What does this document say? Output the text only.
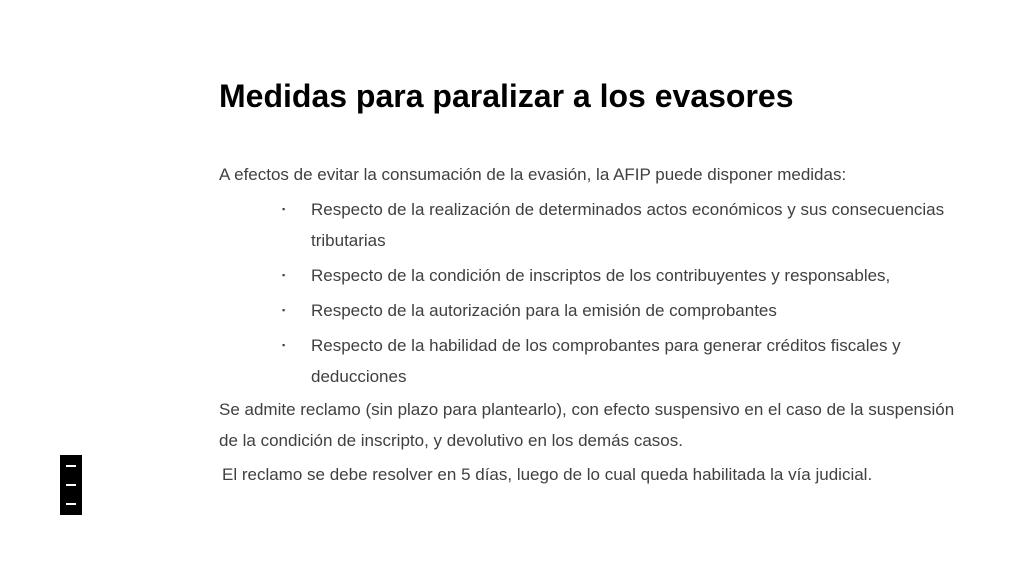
Medidas para paralizar a los evasores

A efectos de evitar la consumación de la evasión, la AFIP puede disponer medidas:

▪ Respecto de la realización de determinados actos económicos y sus consecuencias tributarias
▪ Respecto de la condición de inscriptos de los contribuyentes y responsables,
▪ Respecto de la autorización para la emisión de comprobantes
▪ Respecto de la habilidad de los comprobantes para generar créditos fiscales y deducciones

Se admite reclamo (sin plazo para plantearlo), con efecto suspensivo en el caso de la suspensión de la condición de inscripto, y devolutivo en los demás casos.

El reclamo se debe resolver en 5 días, luego de lo cual queda habilitada la vía judicial.
